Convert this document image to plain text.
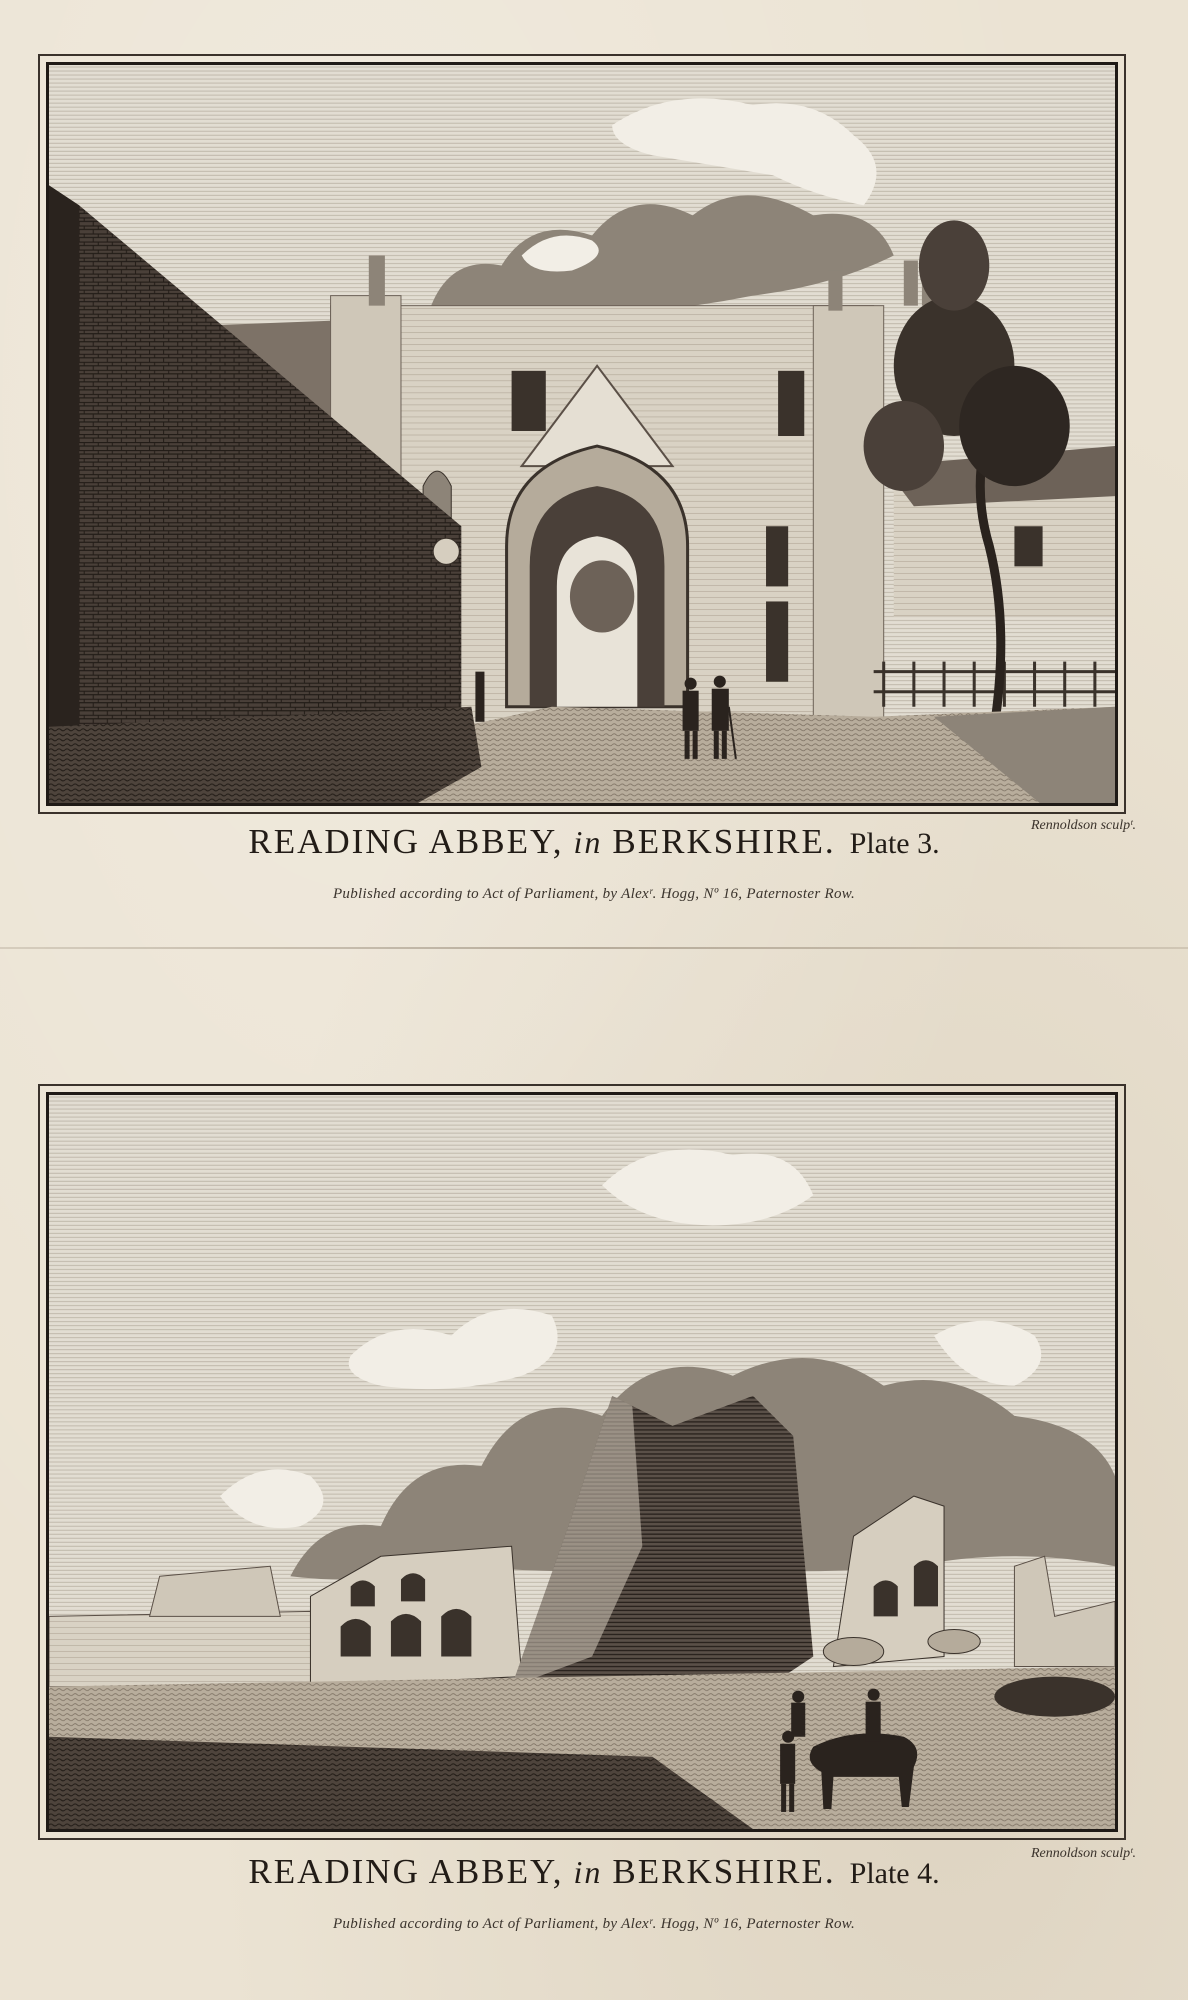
Rennoldson sculpᵗ.
READING ABBEY, in BERKSHIRE. Plate 3.
Published according to Act of Parliament, by Alexʳ. Hogg, Nº 16, Paternoster Row.
Rennoldson sculpᵗ.
READING ABBEY, in BERKSHIRE. Plate 4.
Published according to Act of Parliament, by Alexʳ. Hogg, Nº 16, Paternoster Row.
